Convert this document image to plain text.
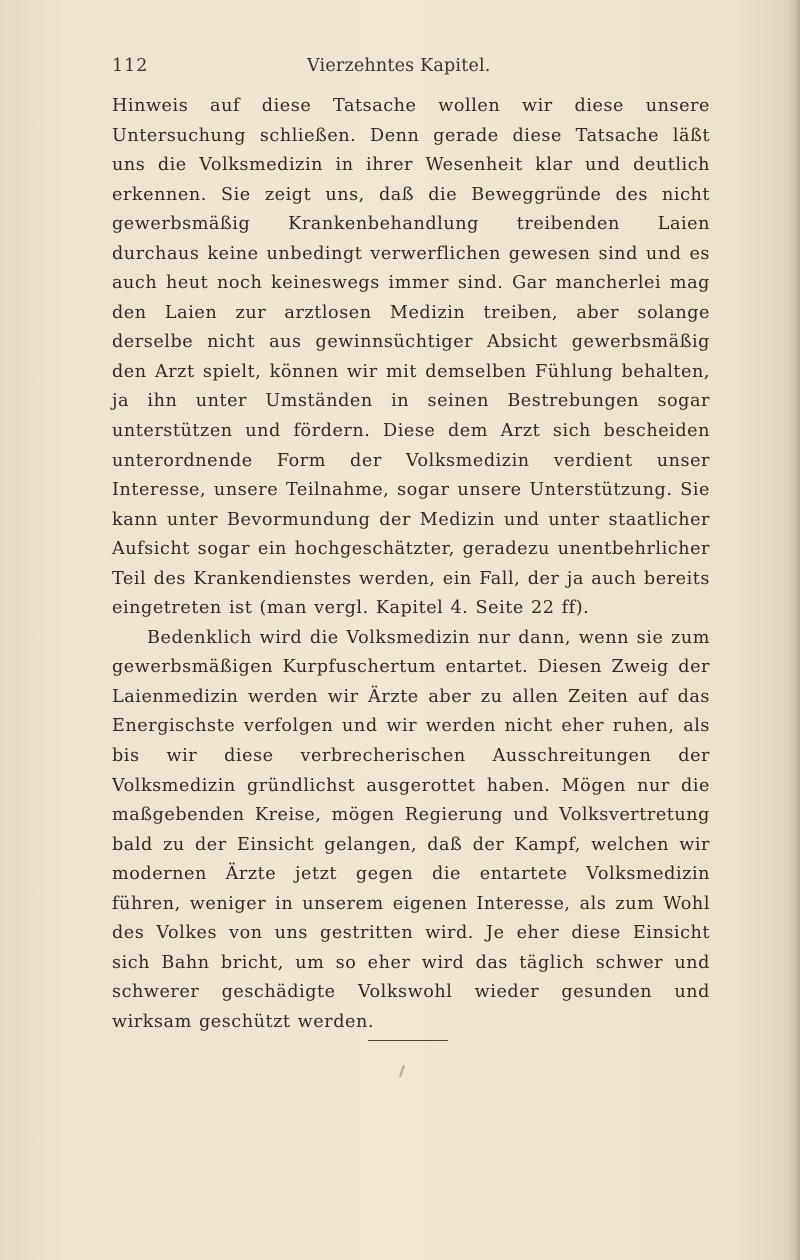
112	Vierzehntes Kapitel.

Hinweis auf diese Tatsache wollen wir diese unsere Untersuchung schließen. Denn gerade diese Tatsache läßt uns die Volksmedizin in ihrer Wesenheit klar und deutlich erkennen. Sie zeigt uns, daß die Beweggründe des nicht gewerbsmäßig Krankenbehandlung treibenden Laien durchaus keine unbedingt verwerflichen gewesen sind und es auch heut noch keineswegs immer sind. Gar mancherlei mag den Laien zur arztlosen Medizin treiben, aber solange derselbe nicht aus gewinnsüchtiger Absicht gewerbsmäßig den Arzt spielt, können wir mit demselben Fühlung behalten, ja ihn unter Umständen in seinen Bestrebungen sogar unterstützen und fördern. Diese dem Arzt sich bescheiden unterordnende Form der Volksmedizin verdient unser Interesse, unsere Teilnahme, sogar unsere Unterstützung. Sie kann unter Bevormundung der Medizin und unter staatlicher Aufsicht sogar ein hochgeschätzter, geradezu unentbehrlicher Teil des Krankendienstes werden, ein Fall, der ja auch bereits eingetreten ist (man vergl. Kapitel 4. Seite 22 ff).

Bedenklich wird die Volksmedizin nur dann, wenn sie zum gewerbsmäßigen Kurpfuschertum entartet. Diesen Zweig der Laienmedizin werden wir Ärzte aber zu allen Zeiten auf das Energischste verfolgen und wir werden nicht eher ruhen, als bis wir diese verbrecherischen Ausschreitungen der Volksmedizin gründlichst ausgerottet haben. Mögen nur die maßgebenden Kreise, mögen Regierung und Volksvertretung bald zu der Einsicht gelangen, daß der Kampf, welchen wir modernen Ärzte jetzt gegen die entartete Volksmedizin führen, weniger in unserem eigenen Interesse, als zum Wohl des Volkes von uns gestritten wird. Je eher diese Einsicht sich Bahn bricht, um so eher wird das täglich schwer und schwerer geschädigte Volkswohl wieder gesunden und wirksam geschützt werden.
